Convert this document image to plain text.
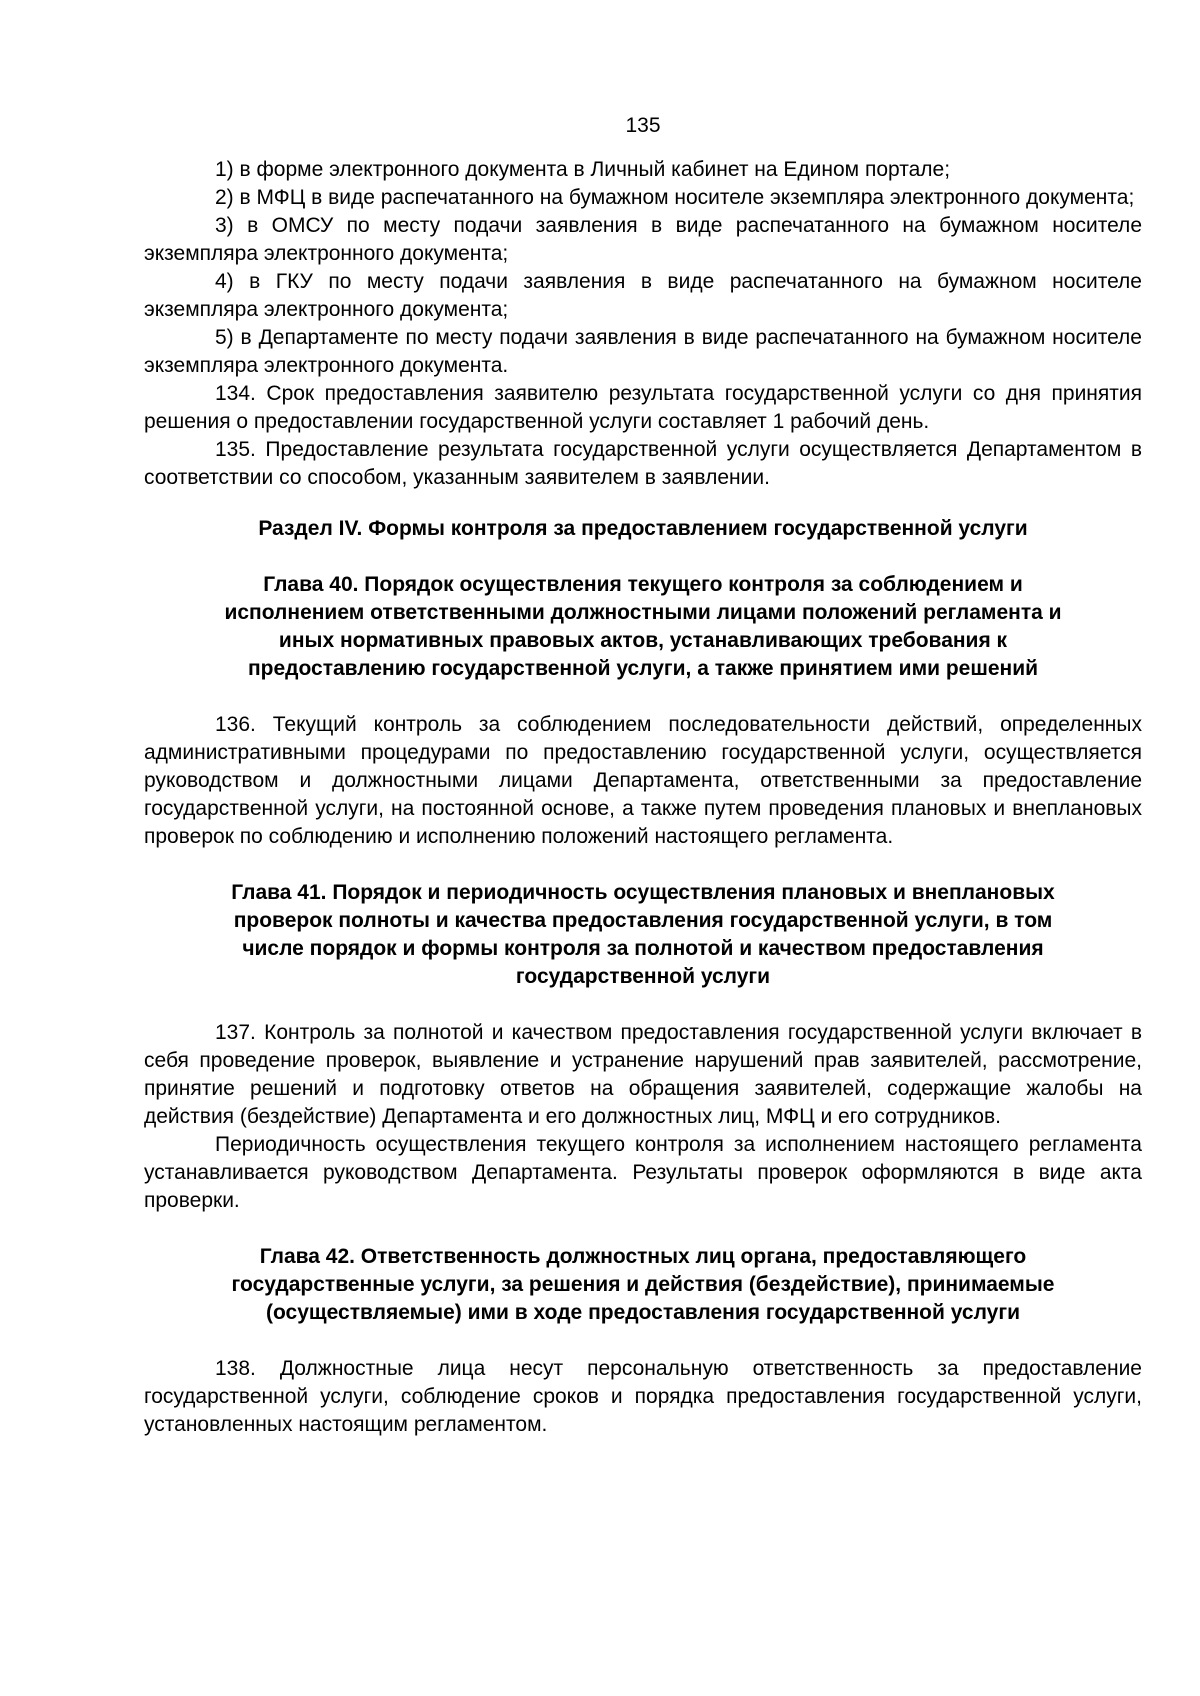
135

1) в форме электронного документа в Личный кабинет на Едином портале;

2) в МФЦ в виде распечатанного на бумажном носителе экземпляра электронного документа;

3) в ОМСУ по месту подачи заявления в виде распечатанного на бумажном носителе экземпляра электронного документа;

4) в ГКУ по месту подачи заявления в виде распечатанного на бумажном носителе экземпляра электронного документа;

5) в Департаменте по месту подачи заявления в виде распечатанного на бумажном носителе экземпляра электронного документа.

134. Срок предоставления заявителю результата государственной услуги со дня принятия решения о предоставлении государственной услуги составляет 1 рабочий день.

135. Предоставление результата государственной услуги осуществляется Департаментом в соответствии со способом, указанным заявителем в заявлении.

Раздел IV. Формы контроля за предоставлением государственной услуги
Глава 40. Порядок осуществления текущего контроля за соблюдением и
исполнением ответственными должностными лицами положений регламента и
иных нормативных правовых актов, устанавливающих требования к
предоставлению государственной услуги, а также принятием ими решений

136. Текущий контроль за соблюдением последовательности действий, определенных административными процедурами по предоставлению государственной услуги, осуществляется руководством и должностными лицами Департамента, ответственными за предоставление государственной услуги, на постоянной основе, а также путем проведения плановых и внеплановых проверок по соблюдению и исполнению положений настоящего регламента.

Глава 41. Порядок и периодичность осуществления плановых и внеплановых
проверок полноты и качества предоставления государственной услуги, в том
числе порядок и формы контроля за полнотой и качеством предоставления
государственной услуги

137. Контроль за полнотой и качеством предоставления государственной услуги включает в себя проведение проверок, выявление и устранение нарушений прав заявителей, рассмотрение, принятие решений и подготовку ответов на обращения заявителей, содержащие жалобы на действия (бездействие) Департамента и его должностных лиц, МФЦ и его сотрудников.

Периодичность осуществления текущего контроля за исполнением настоящего регламента устанавливается руководством Департамента. Результаты проверок оформляются в виде акта проверки.

Глава 42. Ответственность должностных лиц органа, предоставляющего
государственные услуги, за решения и действия (бездействие), принимаемые
(осуществляемые) ими в ходе предоставления государственной услуги

138. Должностные лица несут персональную ответственность за предоставление государственной услуги, соблюдение сроков и порядка предоставления государственной услуги, установленных настоящим регламентом.
